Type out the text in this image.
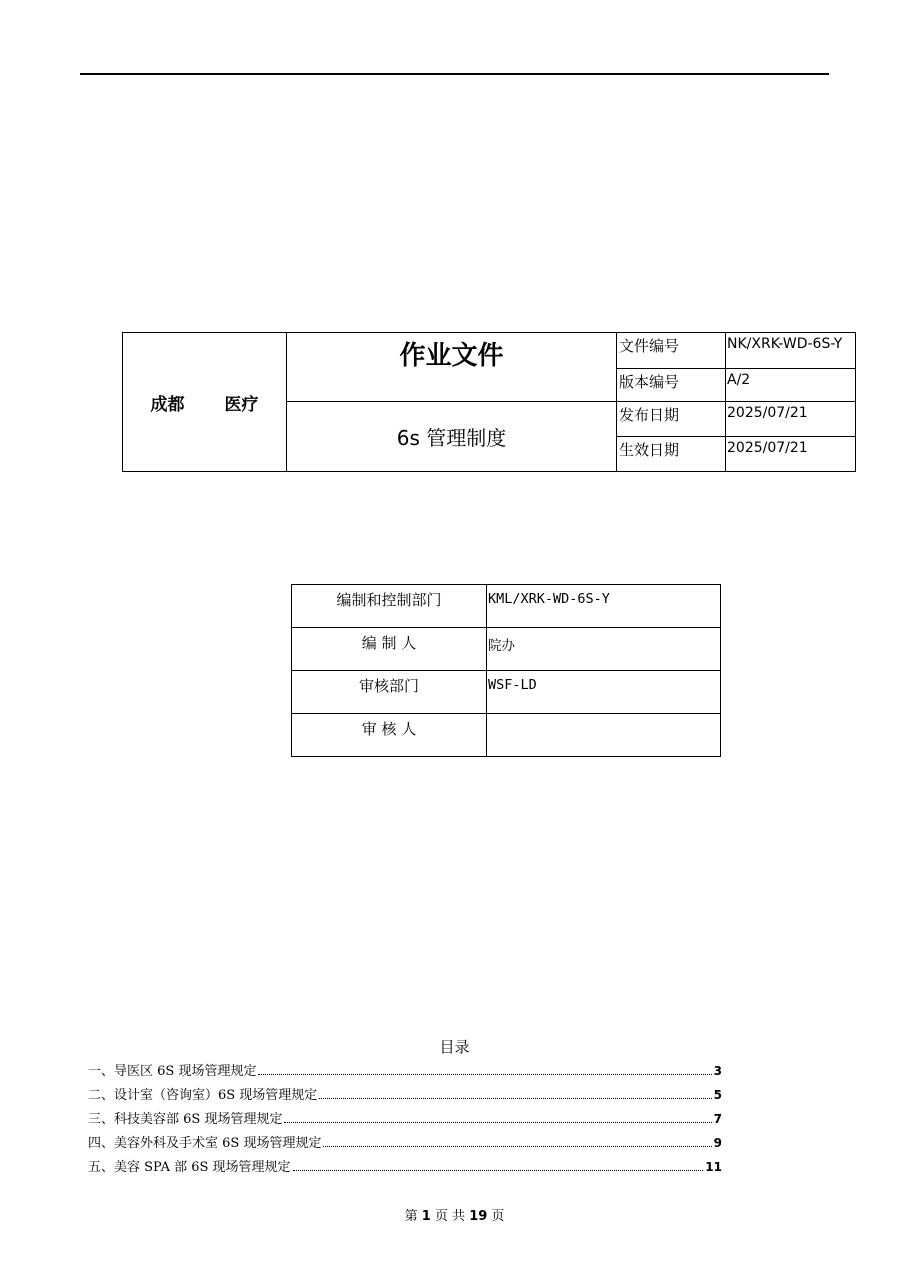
成都 医疗	作业文件	文件编号	NK/XRK-WD-6S-Y
		版本编号	A/2
	6s 管理制度	发布日期	2025/07/21
		生效日期	2025/07/21
编制和控制部门	KML/XRK-WD-6S-Y
编 制 人	院办
审核部门	WSF-LD
审 核 人	
目录
一、导医区 6S 现场管理规定	3
二、设计室（咨询室）6S 现场管理规定	5
三、科技美容部 6S 现场管理规定	7
四、美容外科及手术室 6S 现场管理规定	9
五、美容 SPA 部 6S 现场管理规定	11
第 1 页 共 19 页
